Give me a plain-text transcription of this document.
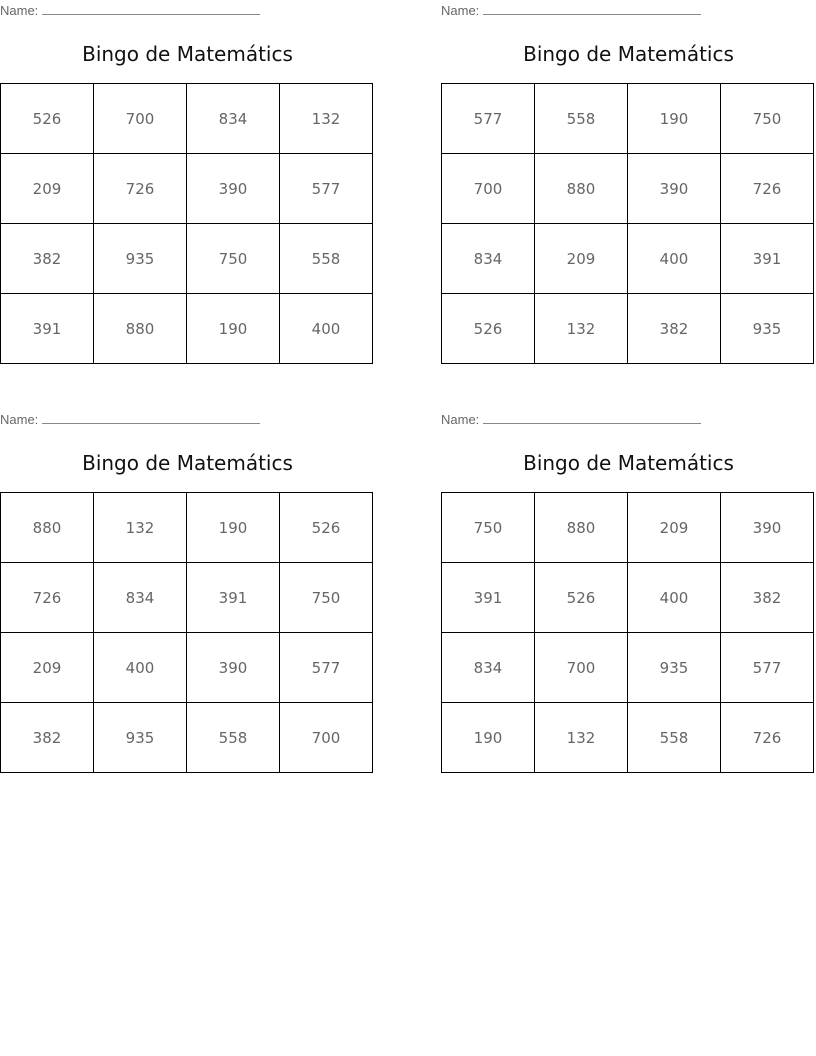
Name:
Bingo de Matemátics
526	700	834	132
209	726	390	577
382	935	750	558
391	880	190	400
Name:
Bingo de Matemátics
577	558	190	750
700	880	390	726
834	209	400	391
526	132	382	935
Name:
Bingo de Matemátics
880	132	190	526
726	834	391	750
209	400	390	577
382	935	558	700
Name:
Bingo de Matemátics
750	880	209	390
391	526	400	382
834	700	935	577
190	132	558	726
